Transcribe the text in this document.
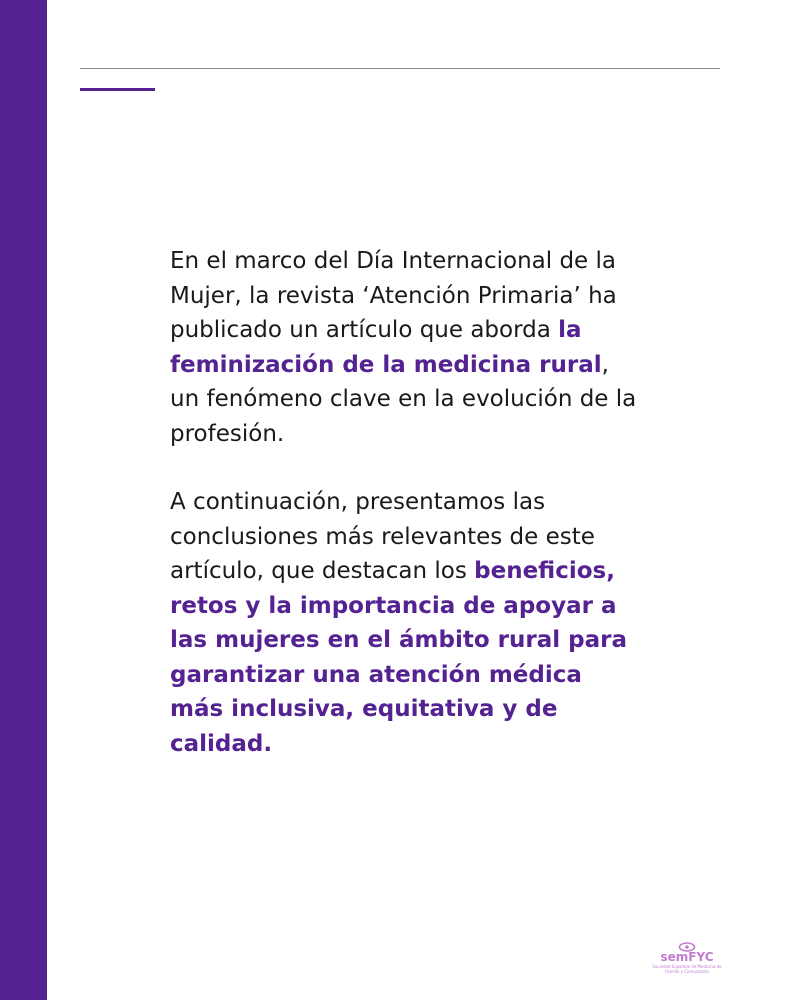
En el marco del Día Internacional de la Mujer, la revista ‘Atención Primaria’ ha publicado un artículo que aborda la feminización de la medicina rural, un fenómeno clave en la evolución de la profesión.

A continuación, presentamos las conclusiones más relevantes de este artículo, que destacan los beneficios, retos y la importancia de apoyar a las mujeres en el ámbito rural para garantizar una atención médica más inclusiva, equitativa y de calidad.

semFYC
Sociedad Española de Medicina de Familia y Comunitaria
